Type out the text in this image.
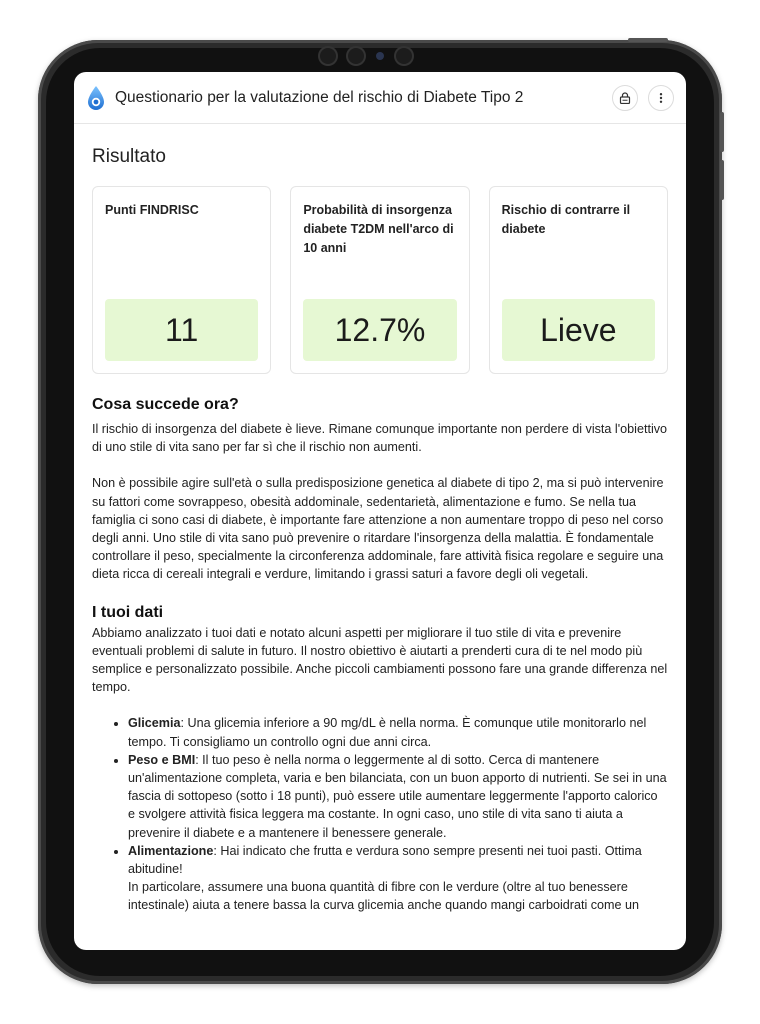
Questionario per la valutazione del rischio di Diabete Tipo 2
Risultato
Punti FINDRISC
11
Probabilità di insorgenza diabete T2DM nell'arco di 10 anni
12.7%
Rischio di contrarre il diabete
Lieve
Cosa succede ora?

Il rischio di insorgenza del diabete è lieve. Rimane comunque importante non perdere di vista l'obiettivo di uno stile di vita sano per far sì che il rischio non aumenti.

Non è possibile agire sull'età o sulla predisposizione genetica al diabete di tipo 2, ma si può intervenire su fattori come sovrappeso, obesità addominale, sedentarietà, alimentazione e fumo. Se nella tua famiglia ci sono casi di diabete, è importante fare attenzione a non aumentare troppo di peso nel corso degli anni. Uno stile di vita sano può prevenire o ritardare l'insorgenza della malattia. È fondamentale controllare il peso, specialmente la circonferenza addominale, fare attività fisica regolare e seguire una dieta ricca di cereali integrali e verdure, limitando i grassi saturi a favore degli oli vegetali.

I tuoi dati

Abbiamo analizzato i tuoi dati e notato alcuni aspetti per migliorare il tuo stile di vita e prevenire eventuali problemi di salute in futuro. Il nostro obiettivo è aiutarti a prenderti cura di te nel modo più semplice e personalizzato possibile. Anche piccoli cambiamenti possono fare una grande differenza nel tempo.

• Glicemia: Una glicemia inferiore a 90 mg/dL è nella norma. È comunque utile monitorarlo nel tempo. Ti consigliamo un controllo ogni due anni circa.
• Peso e BMI: Il tuo peso è nella norma o leggermente al di sotto. Cerca di mantenere un'alimentazione completa, varia e ben bilanciata, con un buon apporto di nutrienti. Se sei in una fascia di sottopeso (sotto i 18 punti), può essere utile aumentare leggermente l'apporto calorico e svolgere attività fisica leggera ma costante. In ogni caso, uno stile di vita sano ti aiuta a prevenire il diabete e a mantenere il benessere generale.
• Alimentazione: Hai indicato che frutta e verdura sono sempre presenti nei tuoi pasti. Ottima abitudine!
In particolare, assumere una buona quantità di fibre con le verdure (oltre al tuo benessere intestinale) aiuta a tenere bassa la curva glicemia anche quando mangi carboidrati come un
